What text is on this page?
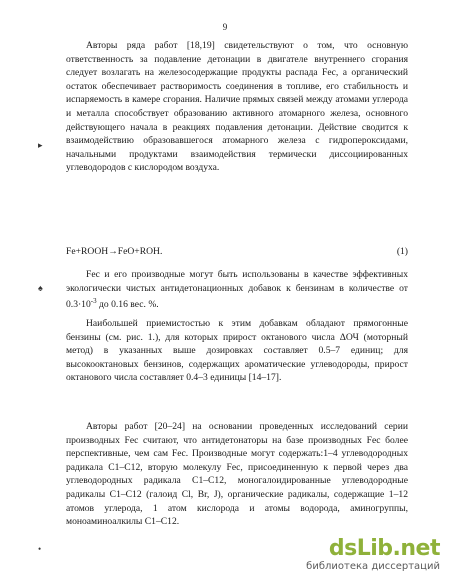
9

Авторы ряда работ [18,19] свидетельствуют о том, что основную ответственность за подавление детонации в двигателе внутреннего сгорания следует возлагать на железосодержащие продукты распада Fec, а органический остаток обеспечивает растворимость соединения в топливе, его стабильность и испаряемость в камере сгорания. Наличие прямых связей между атомами углерода и металла способствует образованию активного атомарного железа, основного действующего начала в реакциях подавления детонации. Действие сводится к взаимодействию образовавшегося атомарного железа с гидропероксидами, начальными продуктами взаимодействия термически диссоциированных углеводородов с кислородом воздуха.

Fe+ROOH→FeO+ROH.	(1)
Fec и его производные могут быть использованы в качестве эффективных экологически чистых антидетонационных добавок к бензинам в количестве от $0.3\cdot 10^{-3}$ до 0.16 вес. %.

Наибольшей приемистостью к этим добавкам обладают прямогонные бензины (см. рис. 1.), для которых прирост октанового числа ΔОЧ (моторный метод) в указанных выше дозировках составляет 0.5–7 единиц; для высокооктановых бензинов, содержащих ароматические углеводороды, прирост октанового числа составляет 0.4–3 единицы [14–17].

Авторы работ [20–24] на основании проведенных исследований серии производных Fec считают, что антидетонаторы на базе производных Fec более перспективные, чем сам Fec. Производные могут содержать:1–4 углеводородных радикала C1–C12, вторую молекулу Fec, присоединенную к первой через два углеводородных радикала C1–C12, моногалоидированные углеводородные радикалы C1–C12 (галоид Cl, Br, J), органические радикалы, содержащие 1–12 атомов углерода, 1 атом кислорода и атомы водорода, аминогруппы, моноаминоалкилы C1–C12.

▸
♠
•	dsLib.net
библиотека диссертаций
